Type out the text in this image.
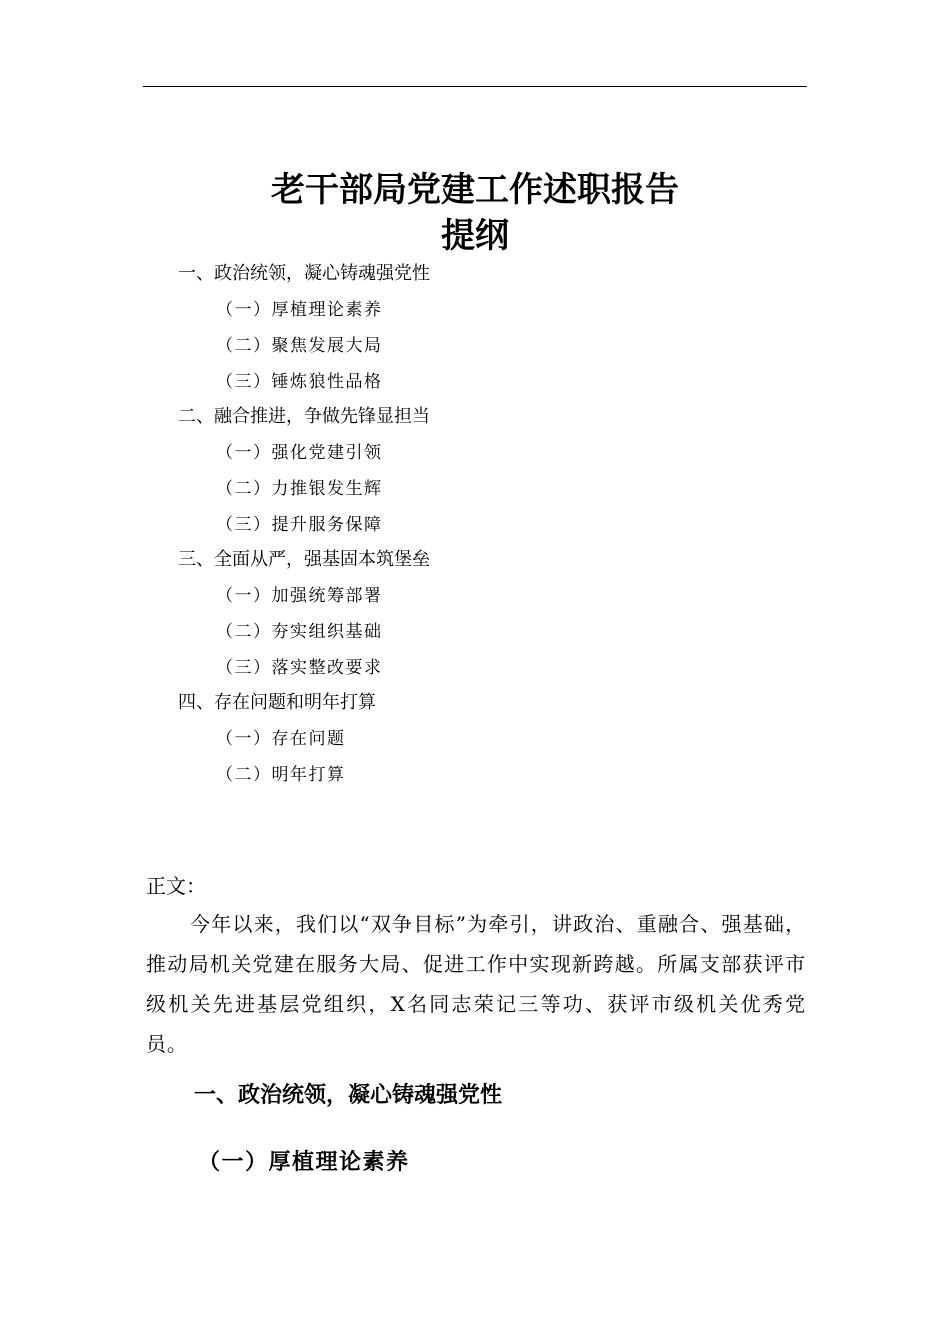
老干部局党建工作述职报告
提纲
一、政治统领，凝心铸魂强党性
（一）厚植理论素养
（二）聚焦发展大局
（三）锤炼狼性品格
二、融合推进，争做先锋显担当
（一）强化党建引领
（二）力推银发生辉
（三）提升服务保障
三、全面从严，强基固本筑堡垒
（一）加强统筹部署
（二）夯实组织基础
（三）落实整改要求
四、存在问题和明年打算
（一）存在问题
（二）明年打算
正文：
今年以来，我们以“双争目标”为牵引，讲政治、重融合、强基础，推动局机关党建在服务大局、促进工作中实现新跨越。所属支部获评市级机关先进基层党组织，X名同志荣记三等功、获评市级机关优秀党员。
一、政治统领，凝心铸魂强党性
（一）厚植理论素养
